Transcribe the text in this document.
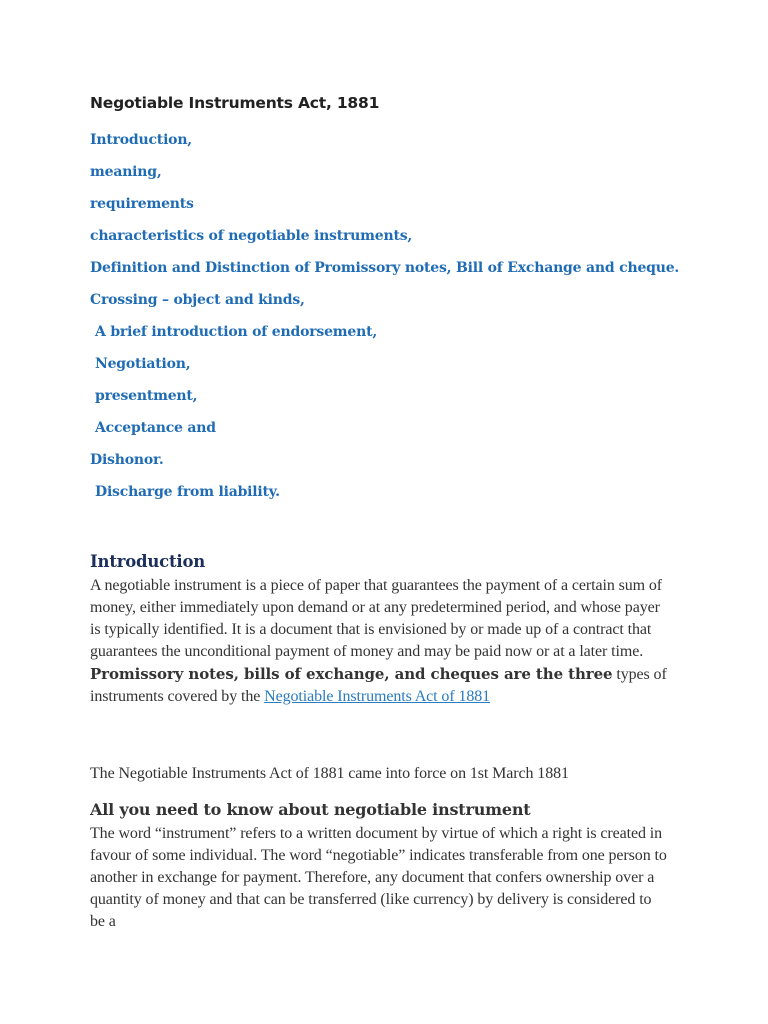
Negotiable Instruments Act, 1881
Introduction,
meaning,
requirements
characteristics of negotiable instruments,
Definition and Distinction of Promissory notes, Bill of Exchange and cheque.
Crossing – object and kinds,
A brief introduction of endorsement,
Negotiation,
presentment,
Acceptance and
Dishonor.
Discharge from liability.
Introduction

A negotiable instrument is a piece of paper that guarantees the payment of a certain sum of money, either immediately upon demand or at any predetermined period, and whose payer is typically identified. It is a document that is envisioned by or made up of a contract that guarantees the unconditional payment of money and may be paid now or at a later time. Promissory notes, bills of exchange, and cheques are the three types of instruments covered by the Negotiable Instruments Act of 1881

The Negotiable Instruments Act of 1881 came into force on 1st March 1881

All you need to know about negotiable instrument

The word “instrument” refers to a written document by virtue of which a right is created in favour of some individual. The word “negotiable” indicates transferable from one person to another in exchange for payment. Therefore, any document that confers ownership over a quantity of money and that can be transferred (like currency) by delivery is considered to be a
